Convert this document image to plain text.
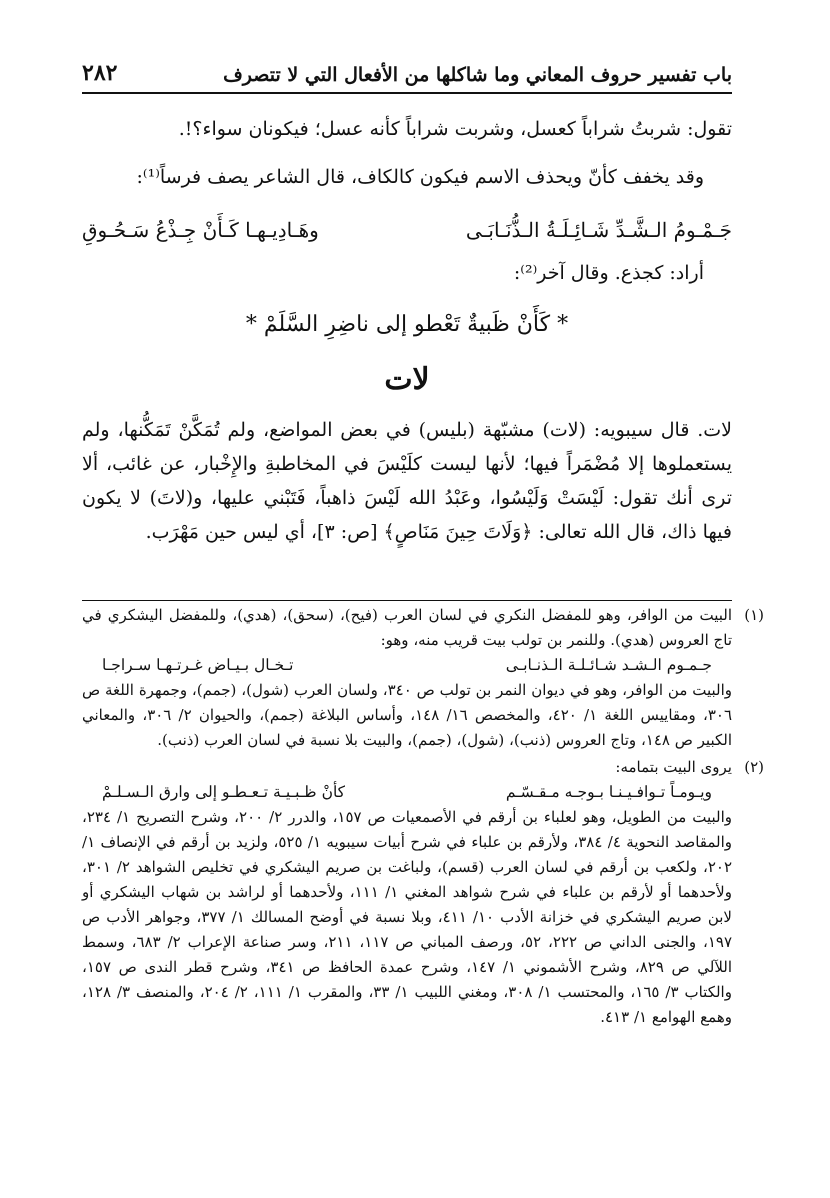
باب تفسير حروف المعاني وما شاكلها من الأفعال التي لا تتصرف
٢٨٢
تقول: شربتُ شراباً كعسل، وشربت شراباً كأنه عسل؛ فيكونان سواء؟!.
وقد يخفف كأنّ ويحذف الاسم فيكون كالكاف، قال الشاعر يصف فرساً⁽¹⁾:
جَـمْـومُ الـشَّـدِّ شَـائِـلَـةُ الـذُّنَـابَـى
وهَـادِيـهـا كَـأَنْ جِـذْعُ سَـحُـوقِ
أراد: كجذع. وقال آخر⁽²⁾:
* كَأَنْ ظَبيةٌ تَعْطو إلى ناضِرِ السَّلَمْ *
لات
لات. قال سيبويه: (لات) مشبّهة (بليس) في بعض المواضع، ولم تُمَكَّنْ تَمَكُّنها، ولم يستعملوها إلا مُضْمَراً فيها؛ لأنها ليست كلَيْسَ في المخاطبةِ والإِخْبار، عن غائب، ألا ترى أنك تقول: لَيْسَتْ وَلَيْسُوا، وعَبْدُ الله لَيْسَ ذاهباً، فَتَبْني عليها، و(لاتَ) لا يكون فيها ذاك، قال الله تعالى: ﴿وَلَاتَ حِينَ مَنَاصٍ﴾ [ص: ٣]، أي ليس حين مَهْرَب.
(١)
البيت من الوافر، وهو للمفضل النكري في لسان العرب (فيح)، (سحق)، (هدي)، وللمفضل اليشكري في تاج العروس (هدي). وللنمر بن تولب بيت قريب منه، وهو:
جـمـوم الـشـد شـائـلـة الـذنـابـى
تـخـال بـيـاض غـرتـهـا سـراجـا
والبيت من الوافر، وهو في ديوان النمر بن تولب ص ٣٤٠، ولسان العرب (شول)، (جمم)، وجمهرة اللغة ص ٣٠٦، ومقاييس اللغة ١/ ٤٢٠، والمخصص ١٦/ ١٤٨، وأساس البلاغة (جمم)، والحيوان ٢/ ٣٠٦، والمعاني الكبير ص ١٤٨، وتاج العروس (ذنب)، (شول)، (جمم)، والبيت بلا نسبة في لسان العرب (ذنب).
(٢)
يروى البيت بتمامه:
ويـومـاً تـوافـيـنـا بـوجـه مـقـسّـم
كأنْ ظـبـيـة تـعـطـو إلى وارق الـسـلـمْ
والبيت من الطويل، وهو لعلباء بن أرقم في الأصمعيات ص ١٥٧، والدرر ٢/ ٢٠٠، وشرح التصريح ١/ ٢٣٤، والمقاصد النحوية ٤/ ٣٨٤، ولأرقم بن علباء في شرح أبيات سيبويه ١/ ٥٢٥، ولزيد بن أرقم في الإنصاف ١/ ٢٠٢، ولكعب بن أرقم في لسان العرب (قسم)، ولباغت بن صريم اليشكري في تخليص الشواهد ٢/ ٣٠١، ولأحدهما أو لأرقم بن علباء في شرح شواهد المغني ١/ ١١١، ولأحدهما أو لراشد بن شهاب اليشكري أو لابن صريم اليشكري في خزانة الأدب ١٠/ ٤١١، وبلا نسبة في أوضح المسالك ١/ ٣٧٧، وجواهر الأدب ص ١٩٧، والجنى الداني ص ٢٢٢، ٥٢، ورصف المباني ص ١١٧، ٢١١، وسر صناعة الإعراب ٢/ ٦٨٣، وسمط اللآلي ص ٨٢٩، وشرح الأشموني ١/ ١٤٧، وشرح عمدة الحافظ ص ٣٤١، وشرح قطر الندى ص ١٥٧، والكتاب ٣/ ١٦٥، والمحتسب ١/ ٣٠٨، ومغني اللبيب ١/ ٣٣، والمقرب ١/ ١١١، ٢/ ٢٠٤، والمنصف ٣/ ١٢٨، وهمع الهوامع ١/ ٤١٣.
